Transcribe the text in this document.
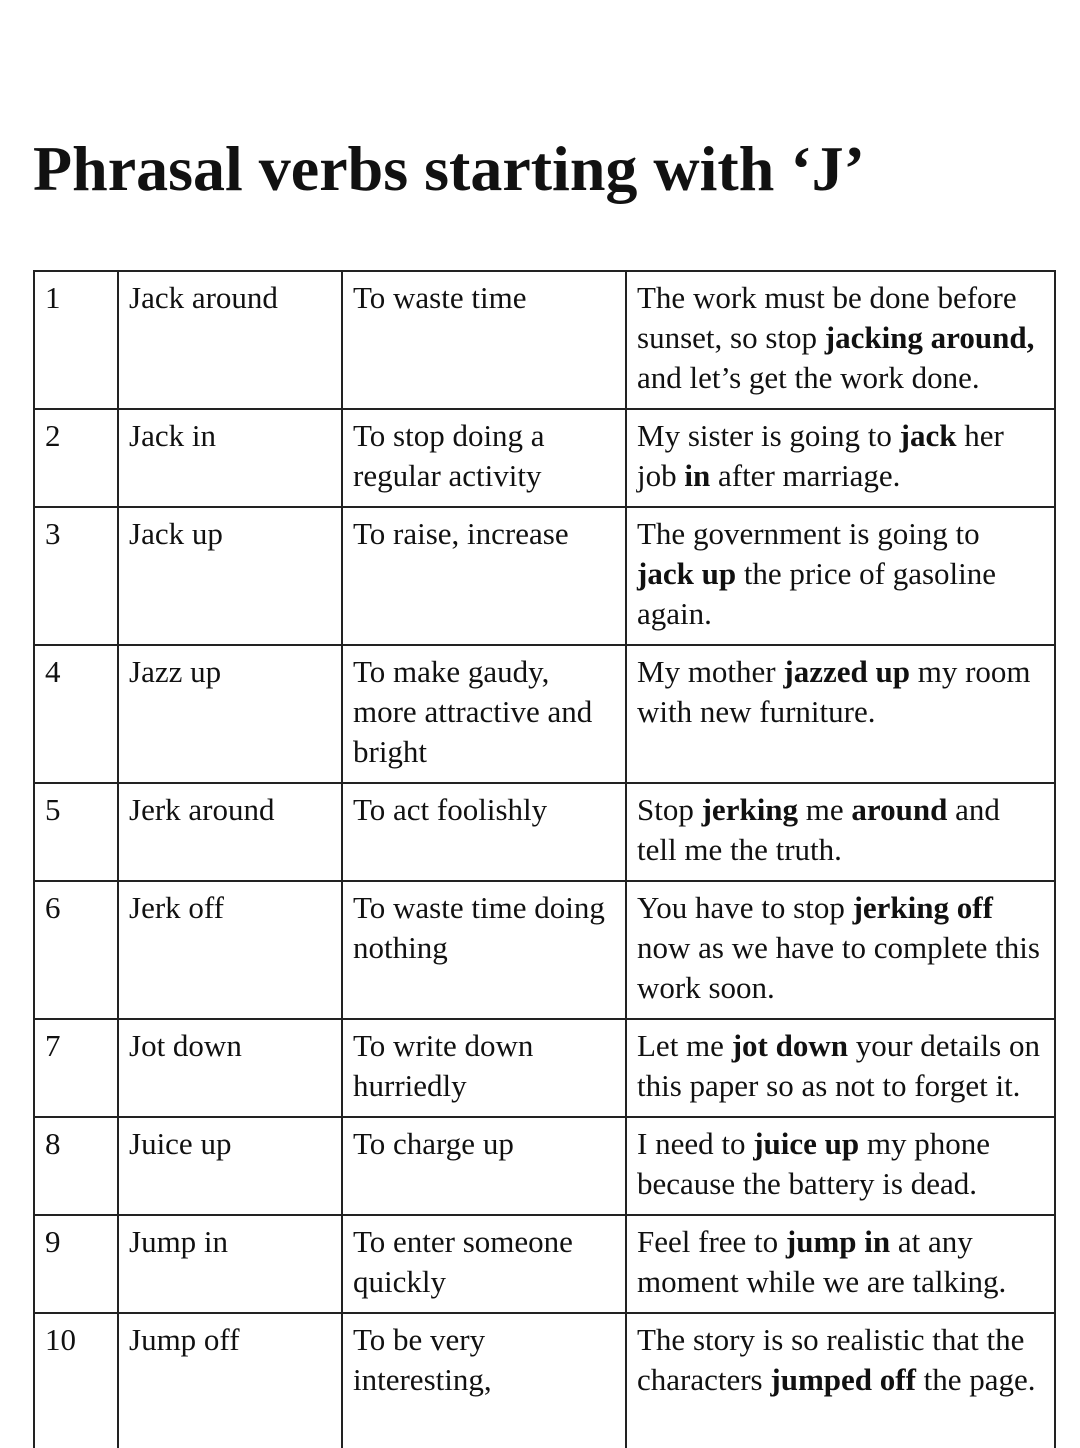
Phrasal verbs starting with ‘J’
1	Jack around	To waste time	The work must be done before sunset, so stop jacking around, and let’s get the work done.
2	Jack in	To stop doing a regular activity	My sister is going to jack her job in after marriage.
3	Jack up	To raise, increase	The government is going to jack up the price of gasoline again.
4	Jazz up	To make gaudy, more attractive and bright	My mother jazzed up my room with new furniture.
5	Jerk around	To act foolishly	Stop jerking me around and tell me the truth.
6	Jerk off	To waste time doing nothing	You have to stop jerking off now as we have to complete this work soon.
7	Jot down	To write down hurriedly	Let me jot down your details on this paper so as not to forget it.
8	Juice up	To charge up	I need to juice up my phone because the battery is dead.
9	Jump in	To enter someone quickly	Feel free to jump in at any moment while we are talking.
10	Jump off	To be very interesting,	The story is so realistic that the characters jumped off the page.
